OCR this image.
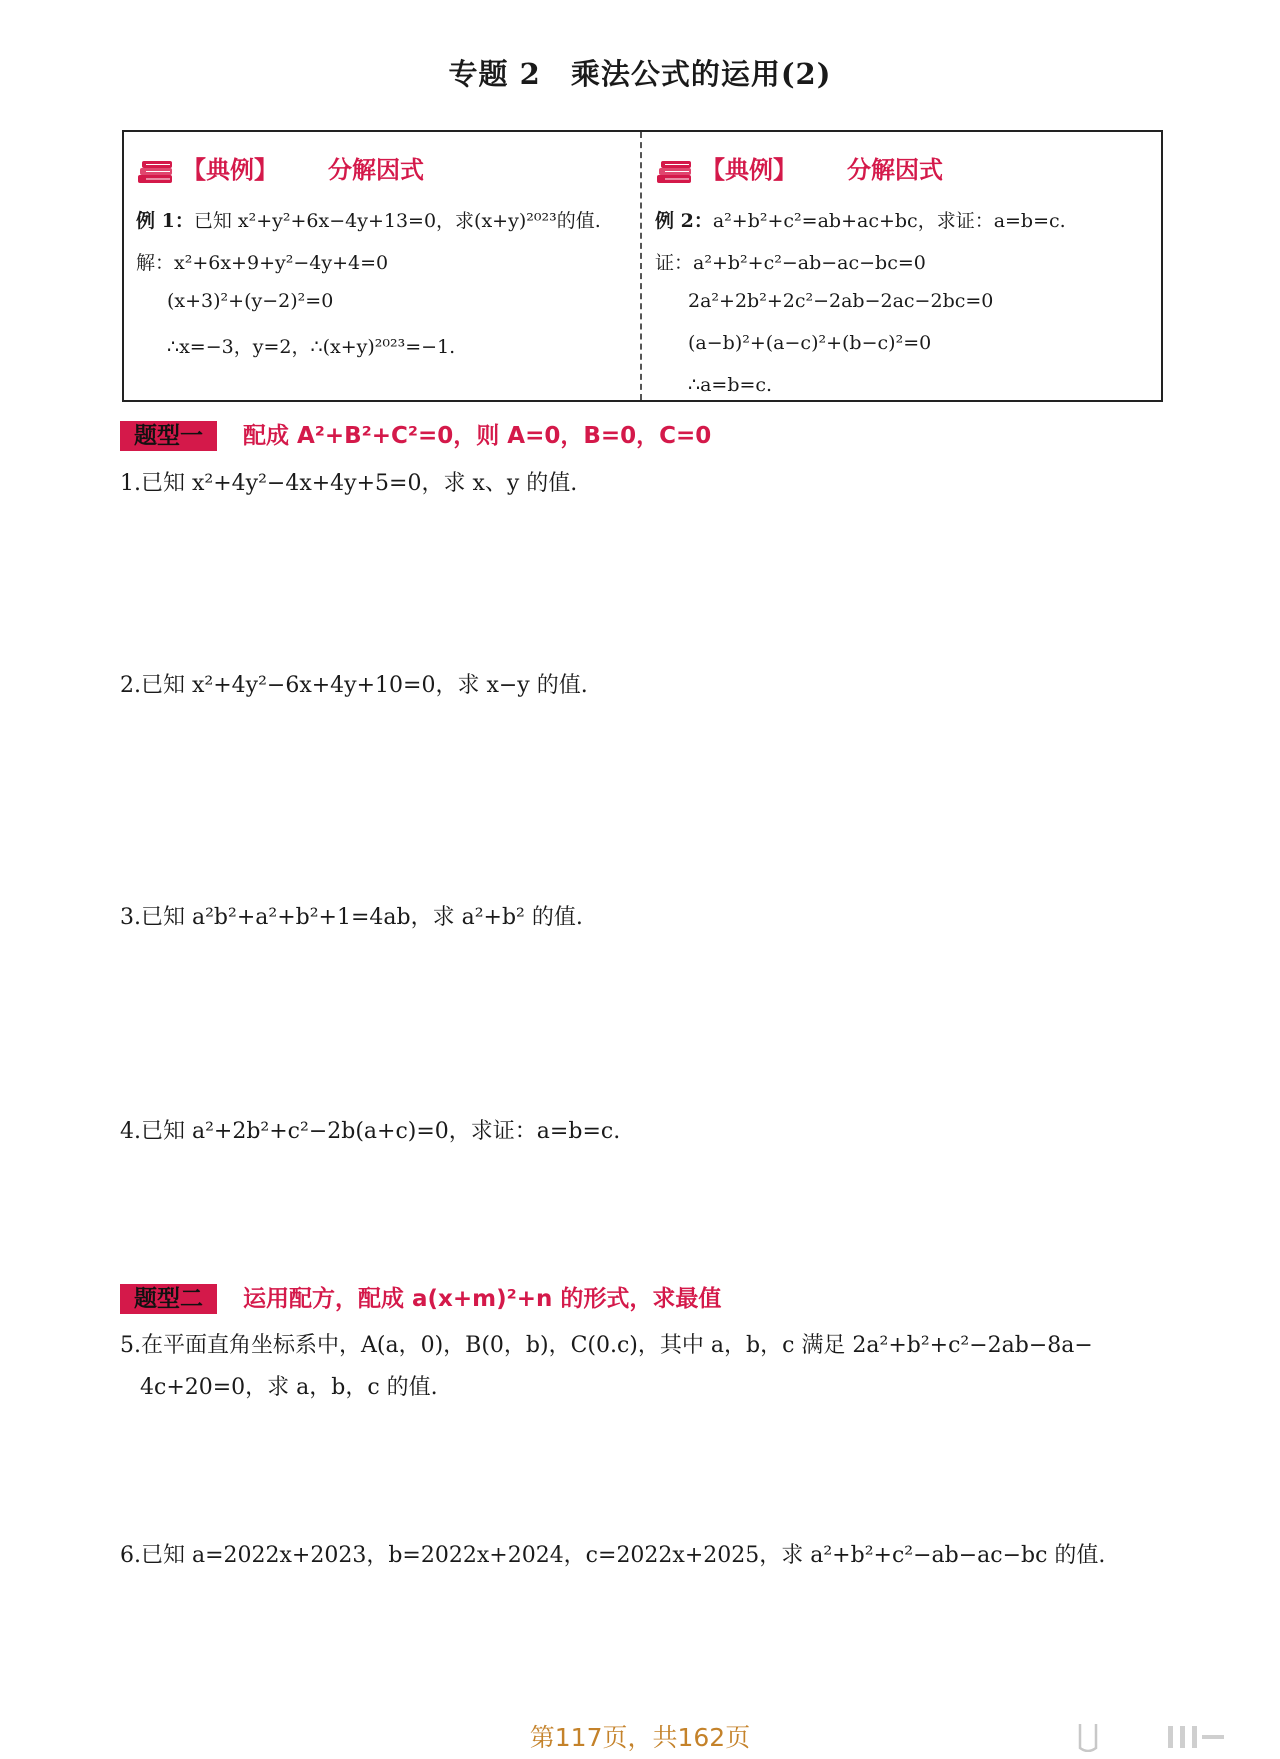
专题 2　乘法公式的运用(2)
【典例】 分解因式
例 1：已知 x²+y²+6x−4y+13=0，求(x+y)²⁰²³的值.
解：x²+6x+9+y²−4y+4=0
(x+3)²+(y−2)²=0
∴x=−3，y=2，∴(x+y)²⁰²³=−1.
【典例】 分解因式
例 2：a²+b²+c²=ab+ac+bc，求证：a=b=c.
证：a²+b²+c²−ab−ac−bc=0
2a²+2b²+2c²−2ab−2ac−2bc=0
(a−b)²+(a−c)²+(b−c)²=0
∴a=b=c.
题型一 配成 A²+B²+C²=0，则 A=0，B=0，C=0
1.已知 x²+4y²−4x+4y+5=0，求 x、y 的值.
2.已知 x²+4y²−6x+4y+10=0，求 x−y 的值.
3.已知 a²b²+a²+b²+1=4ab，求 a²+b² 的值.
4.已知 a²+2b²+c²−2b(a+c)=0，求证：a=b=c.
题型二 运用配方，配成 a(x+m)²+n 的形式，求最值
5.在平面直角坐标系中，A(a，0)，B(0，b)，C(0.c)，其中 a，b，c 满足 2a²+b²+c²−2ab−8a−
4c+20=0，求 a，b，c 的值.
6.已知 a=2022x+2023，b=2022x+2024，c=2022x+2025，求 a²+b²+c²−ab−ac−bc 的值.
第117页，共162页
